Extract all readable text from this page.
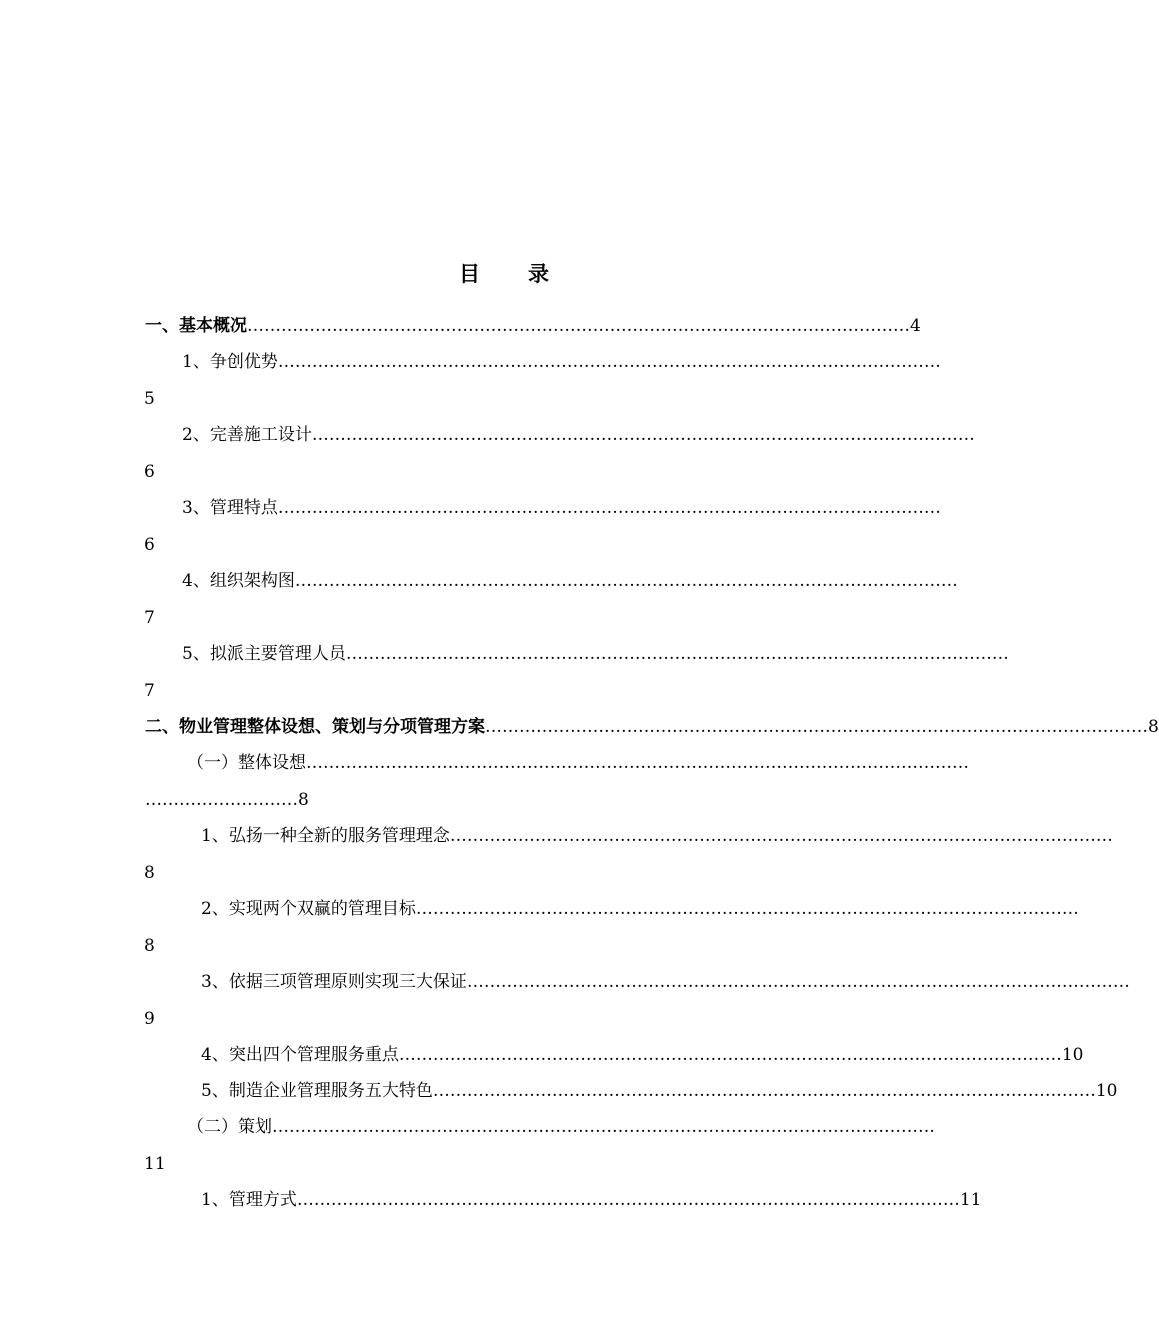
目 录
一、基本概况 ……………………………………………………………………………………………………… 4
1、争创优势 ………………………………………………………………………………………………………
5
2、完善施工设计 ………………………………………………………………………………………………………
6
3、管理特点 ………………………………………………………………………………………………………
6
4、组织架构图 ………………………………………………………………………………………………………
7
5、拟派主要管理人员 ………………………………………………………………………………………………………
7
二、物业管理整体设想、策划与分项管理方案 ……………………………………………………………………………………………………… 8
（一）整体设想 ………………………………………………………………………………………………………
……………………… 8
1、弘扬一种全新的服务管理理念 ………………………………………………………………………………………………………
8
2、实现两个双赢的管理目标 ………………………………………………………………………………………………………
8
3、依据三项管理原则实现三大保证 ………………………………………………………………………………………………………
9
4、突出四个管理服务重点 ……………………………………………………………………………………………………… 10
5、制造企业管理服务五大特色 ……………………………………………………………………………………………………… 10
（二）策划 ………………………………………………………………………………………………………
11
1、管理方式 ……………………………………………………………………………………………………… 11
